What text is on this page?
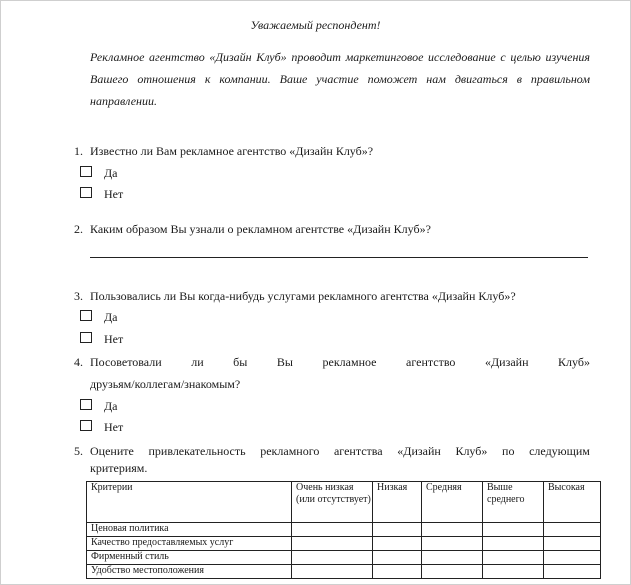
Уважаемый респондент!
Рекламное агентство «Дизайн Клуб» проводит маркетинговое исследование с целью изучения Вашего отношения к компании. Ваше участие поможет нам двигаться в правильном направлении.
1. Известно ли Вам рекламное агентство «Дизайн Клуб»?
Да
Нет
2. Каким образом Вы узнали о рекламном агентстве «Дизайн Клуб»?
3. Пользовались ли Вы когда-нибудь услугами рекламного агентства «Дизайн Клуб»?
Да
Нет
4. Посоветовали ли бы Вы рекламное агентство «Дизайн Клуб»
друзьям/коллегам/знакомым?
Да
Нет
5. Оцените привлекательность рекламного агентства «Дизайн Клуб» по следующим
критериям.
Критерии	Очень низкая (или отсутствует)	Низкая	Средняя	Выше среднего	Высокая
Ценовая политика					
Качество предоставляемых услуг					
Фирменный стиль					
Удобство местоположения					
